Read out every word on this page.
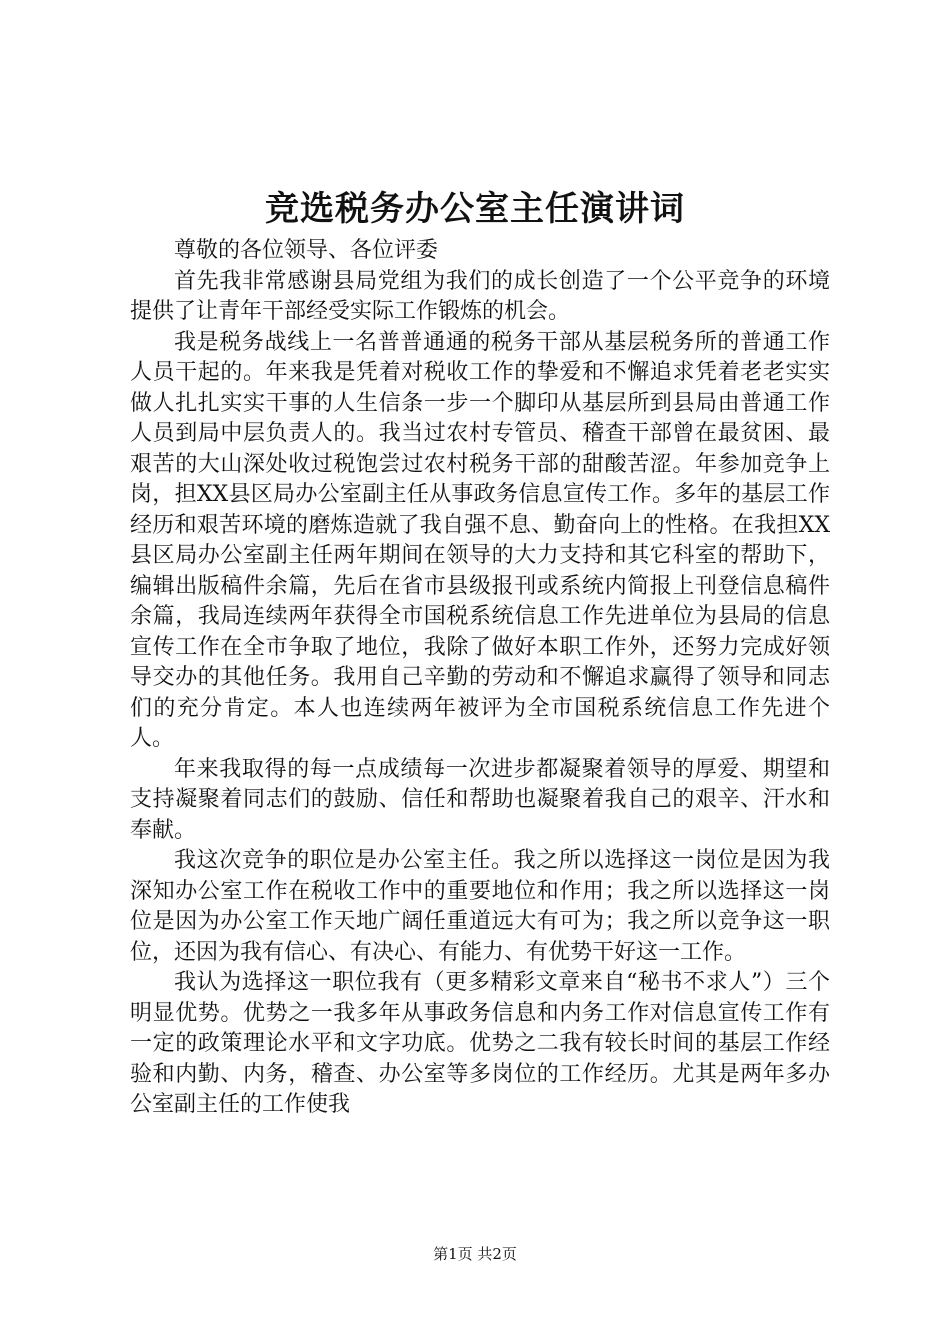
竞选税务办公室主任演讲词

尊敬的各位领导、各位评委

首先我非常感谢县局党组为我们的成长创造了一个公平竞争的环境提供了让青年干部经受实际工作锻炼的机会。

我是税务战线上一名普普通通的税务干部从基层税务所的普通工作人员干起的。年来我是凭着对税收工作的挚爱和不懈追求凭着老老实实做人扎扎实实干事的人生信条一步一个脚印从基层所到县局由普通工作人员到局中层负责人的。我当过农村专管员、稽查干部曾在最贫困、最艰苦的大山深处收过税饱尝过农村税务干部的甜酸苦涩。年参加竞争上岗，担XX县区局办公室副主任从事政务信息宣传工作。多年的基层工作经历和艰苦环境的磨炼造就了我自强不息、勤奋向上的性格。在我担XX县区局办公室副主任两年期间在领导的大力支持和其它科室的帮助下，编辑出版稿件余篇，先后在省市县级报刊或系统内简报上刊登信息稿件余篇，我局连续两年获得全市国税系统信息工作先进单位为县局的信息宣传工作在全市争取了地位，我除了做好本职工作外，还努力完成好领导交办的其他任务。我用自己辛勤的劳动和不懈追求赢得了领导和同志们的充分肯定。本人也连续两年被评为全市国税系统信息工作先进个人。

年来我取得的每一点成绩每一次进步都凝聚着领导的厚爱、期望和支持凝聚着同志们的鼓励、信任和帮助也凝聚着我自己的艰辛、汗水和奉献。

我这次竞争的职位是办公室主任。我之所以选择这一岗位是因为我深知办公室工作在税收工作中的重要地位和作用；我之所以选择这一岗位是因为办公室工作天地广阔任重道远大有可为；我之所以竞争这一职位，还因为我有信心、有决心、有能力、有优势干好这一工作。

我认为选择这一职位我有（更多精彩文章来自“秘书不求人”）三个明显优势。优势之一我多年从事政务信息和内务工作对信息宣传工作有一定的政策理论水平和文字功底。优势之二我有较长时间的基层工作经验和内勤、内务，稽查、办公室等多岗位的工作经历。尤其是两年多办公室副主任的工作使我

第1页 共2页
